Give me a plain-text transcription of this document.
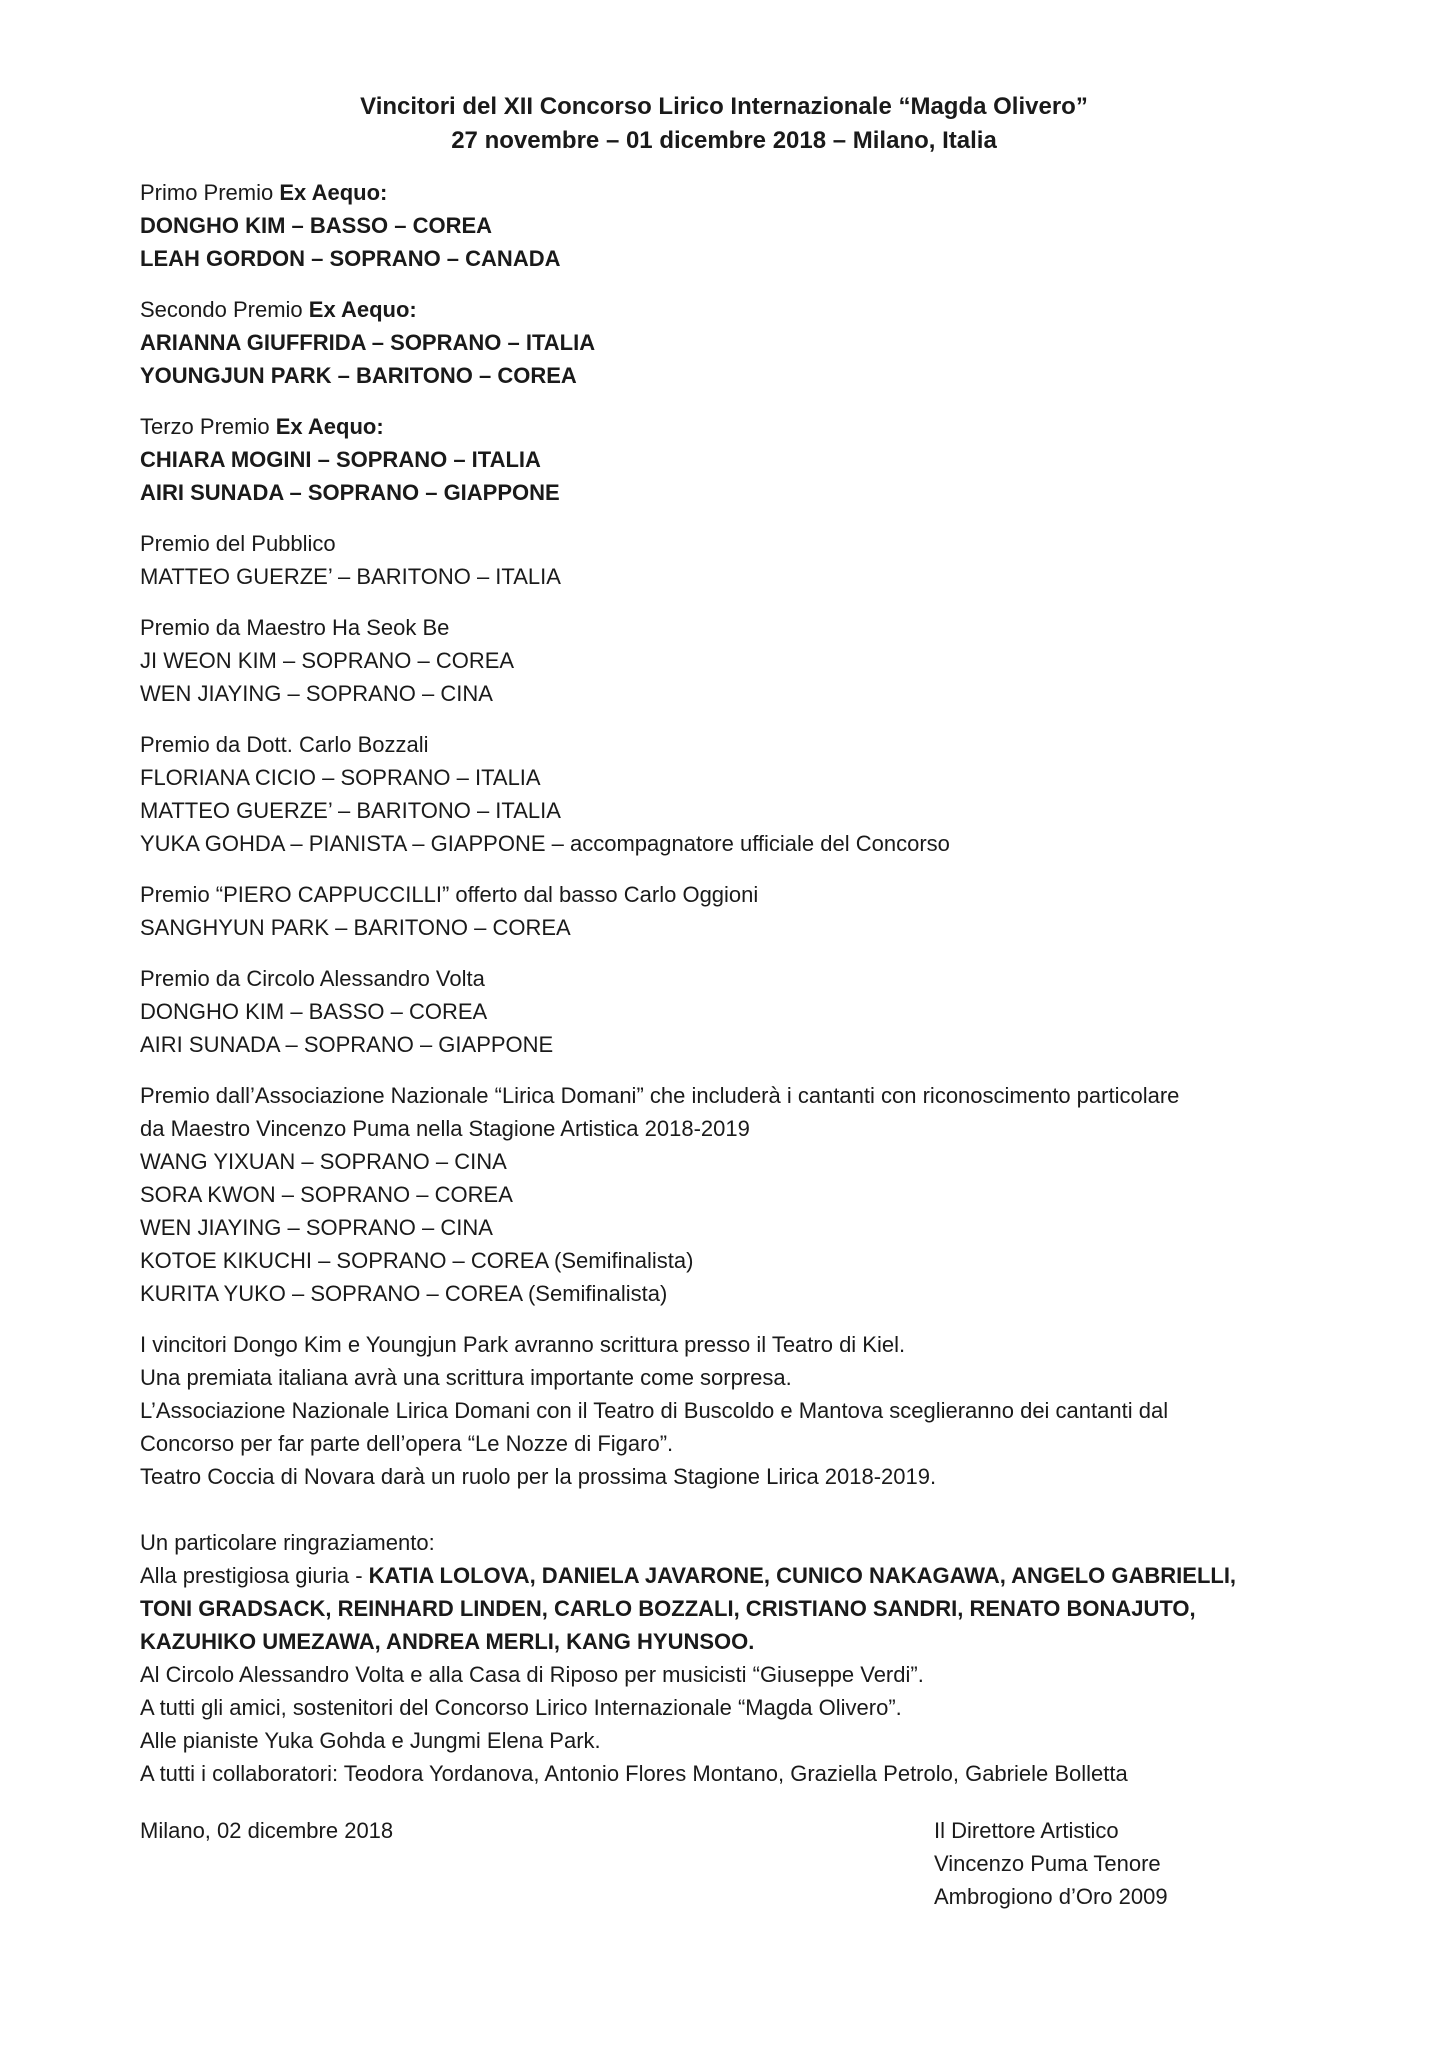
Vincitori del XII Concorso Lirico Internazionale “Magda Olivero”
27 novembre – 01 dicembre 2018 – Milano, Italia
Primo Premio Ex Aequo:
DONGHO KIM – BASSO – COREA
LEAH GORDON – SOPRANO – CANADA
Secondo Premio Ex Aequo:
ARIANNA GIUFFRIDA – SOPRANO – ITALIA
YOUNGJUN PARK – BARITONO – COREA
Terzo Premio Ex Aequo:
CHIARA MOGINI – SOPRANO – ITALIA
AIRI SUNADA – SOPRANO – GIAPPONE
Premio del Pubblico
MATTEO GUERZE’ – BARITONO – ITALIA
Premio da Maestro Ha Seok Be
JI WEON KIM – SOPRANO – COREA
WEN JIAYING – SOPRANO – CINA
Premio da Dott. Carlo Bozzali
FLORIANA CICIO – SOPRANO – ITALIA
MATTEO GUERZE’ – BARITONO – ITALIA
YUKA GOHDA – PIANISTA – GIAPPONE – accompagnatore ufficiale del Concorso
Premio “PIERO CAPPUCCILLI” offerto dal basso Carlo Oggioni
SANGHYUN PARK – BARITONO – COREA
Premio da Circolo Alessandro Volta
DONGHO KIM – BASSO – COREA
AIRI SUNADA – SOPRANO – GIAPPONE
Premio dall’Associazione Nazionale “Lirica Domani” che includerà i cantanti con riconoscimento particolare
da Maestro Vincenzo Puma nella Stagione Artistica 2018-2019
WANG YIXUAN – SOPRANO – CINA
SORA KWON – SOPRANO – COREA
WEN JIAYING – SOPRANO – CINA
KOTOE KIKUCHI – SOPRANO – COREA (Semifinalista)
KURITA YUKO – SOPRANO – COREA (Semifinalista)
I vincitori Dongo Kim e Youngjun Park avranno scrittura presso il Teatro di Kiel.
Una premiata italiana avrà una scrittura importante come sorpresa.
L’Associazione Nazionale Lirica Domani con il Teatro di Buscoldo e Mantova sceglieranno dei cantanti dal
Concorso per far parte dell’opera “Le Nozze di Figaro”.
Teatro Coccia di Novara darà un ruolo per la prossima Stagione Lirica 2018-2019.
Un particolare ringraziamento:
Alla prestigiosa giuria - KATIA LOLOVA, DANIELA JAVARONE, CUNICO NAKAGAWA, ANGELO GABRIELLI,
TONI GRADSACK, REINHARD LINDEN, CARLO BOZZALI, CRISTIANO SANDRI, RENATO BONAJUTO,
KAZUHIKO UMEZAWA, ANDREA MERLI, KANG HYUNSOO.
Al Circolo Alessandro Volta e alla Casa di Riposo per musicisti “Giuseppe Verdi”.
A tutti gli amici, sostenitori del Concorso Lirico Internazionale “Magda Olivero”.
Alle pianiste Yuka Gohda e Jungmi Elena Park.
A tutti i collaboratori: Teodora Yordanova, Antonio Flores Montano, Graziella Petrolo, Gabriele Bolletta
Milano, 02 dicembre 2018	Il Direttore Artistico
Vincenzo Puma Tenore
Ambrogiono d’Oro 2009
